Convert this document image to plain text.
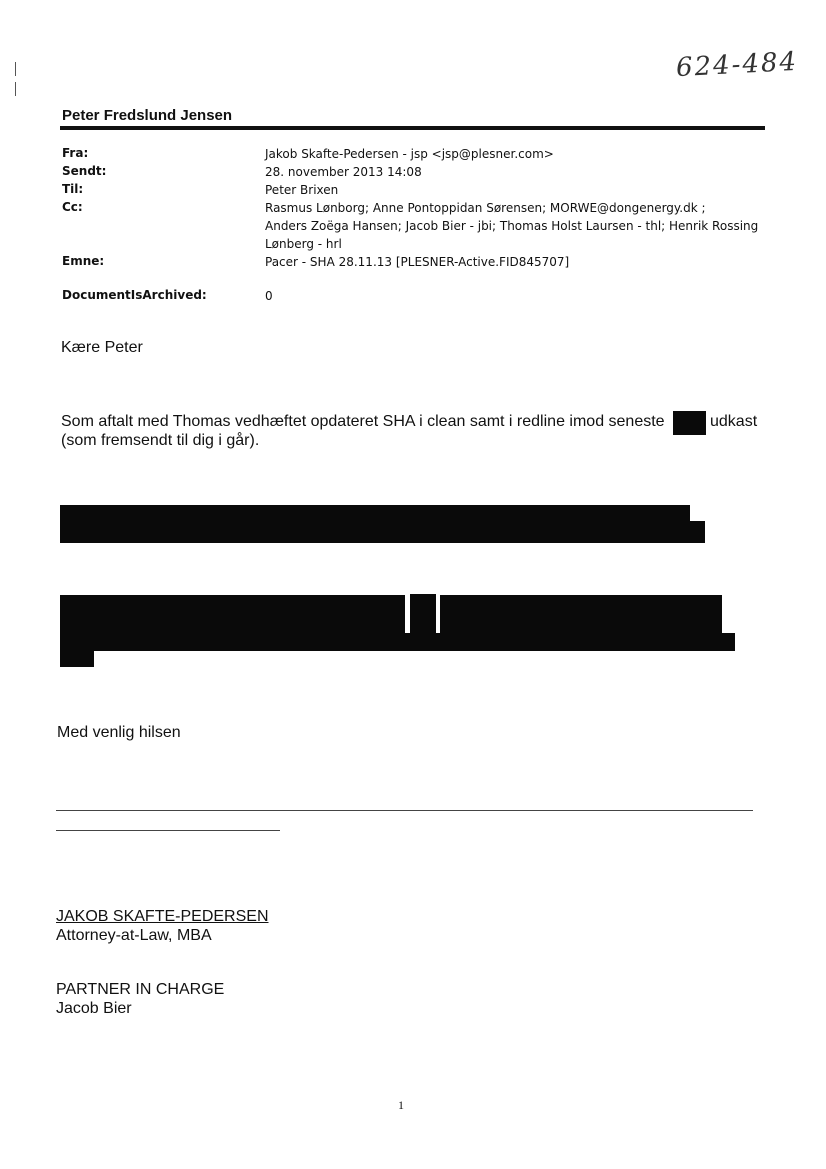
624-484
Peter Fredslund Jensen
Fra:	Jakob Skafte-Pedersen - jsp <jsp@plesner.com>
Sendt:	28. november 2013 14:08
Til:	Peter Brixen
Cc:	Rasmus Lønborg; Anne Pontoppidan Sørensen; MORWE@dongenergy.dk ;
Anders Zoëga Hansen; Jacob Bier - jbi; Thomas Holst Laursen - thl; Henrik Rossing
Lønberg - hrl
Emne:	Pacer - SHA 28.11.13 [PLESNER-Active.FID845707]
DocumentIsArchived:	0
Kære Peter
Som aftalt med Thomas vedhæftet opdateret SHA i clean samt i redline imod seneste	udkast
(som fremsendt til dig i går).
Med venlig hilsen
JAKOB SKAFTE-PEDERSEN
Attorney-at-Law, MBA
PARTNER IN CHARGE
Jacob Bier
1
